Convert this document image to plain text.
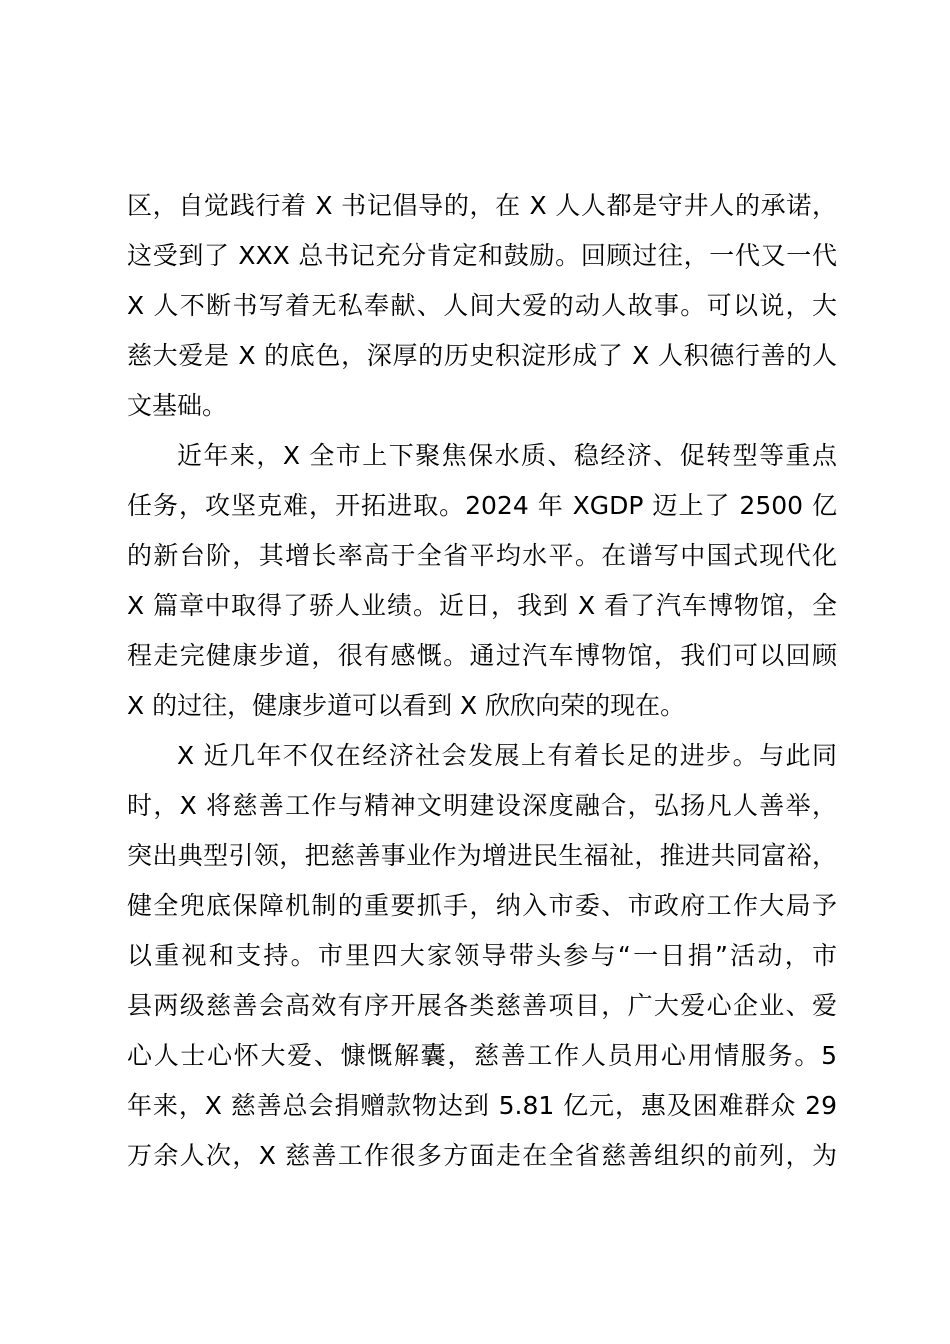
区，自觉践行着 X 书记倡导的，在 X 人人都是守井人的承诺，
这受到了 XXX 总书记充分肯定和鼓励。回顾过往，一代又一代
X 人不断书写着无私奉献、人间大爱的动人故事。可以说，大
慈大爱是 X 的底色，深厚的历史积淀形成了 X 人积德行善的人
文基础。
近年来，X 全市上下聚焦保水质、稳经济、促转型等重点
任务，攻坚克难，开拓进取。2024 年 XGDP 迈上了 2500 亿
的新台阶，其增长率高于全省平均水平。在谱写中国式现代化
X 篇章中取得了骄人业绩。近日，我到 X 看了汽车博物馆，全
程走完健康步道，很有感慨。通过汽车博物馆，我们可以回顾
X 的过往，健康步道可以看到 X 欣欣向荣的现在。
X 近几年不仅在经济社会发展上有着长足的进步。与此同
时，X 将慈善工作与精神文明建设深度融合，弘扬凡人善举，
突出典型引领，把慈善事业作为增进民生福祉，推进共同富裕，
健全兜底保障机制的重要抓手，纳入市委、市政府工作大局予
以重视和支持。市里四大家领导带头参与“一日捐”活动，市
县两级慈善会高效有序开展各类慈善项目，广大爱心企业、爱
心人士心怀大爱、慷慨解囊，慈善工作人员用心用情服务。5
年来，X 慈善总会捐赠款物达到 5.81 亿元，惠及困难群众 29
万余人次，X 慈善工作很多方面走在全省慈善组织的前列，为
